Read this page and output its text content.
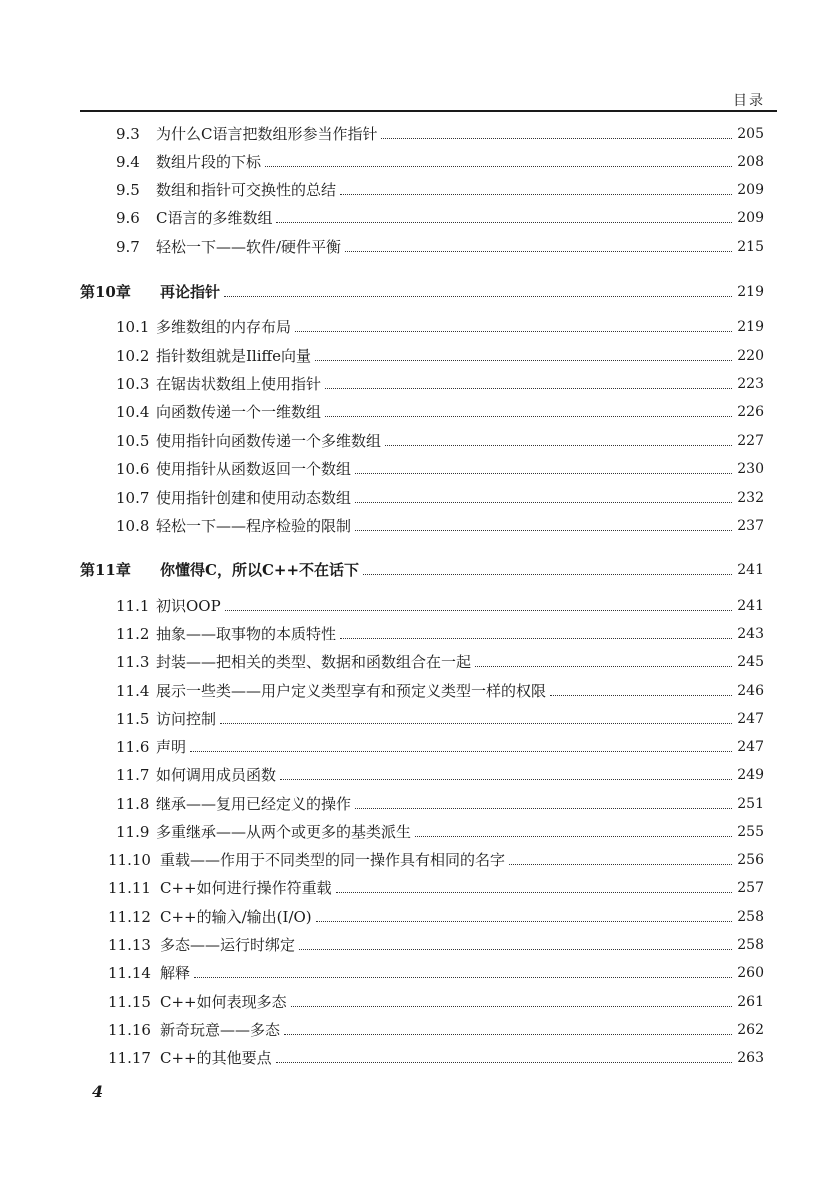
目录
9.3	为什么C语言把数组形参当作指针	205
9.4	数组片段的下标	208
9.5	数组和指针可交换性的总结	209
9.6	C语言的多维数组	209
9.7	轻松一下——软件/硬件平衡	215
第10章	再论指针	219
10.1 多维数组的内存布局	219
10.2 指针数组就是Iliffe向量	220
10.3 在锯齿状数组上使用指针	223
10.4 向函数传递一个一维数组	226
10.5 使用指针向函数传递一个多维数组	227
10.6 使用指针从函数返回一个数组	230
10.7 使用指针创建和使用动态数组	232
10.8 轻松一下——程序检验的限制	237
第11章	你懂得C，所以C++不在话下	241
11.1 初识OOP	241
11.2 抽象——取事物的本质特性	243
11.3 封装——把相关的类型、数据和函数组合在一起	245
11.4 展示一些类——用户定义类型享有和预定义类型一样的权限	246
11.5 访问控制	247
11.6 声明	247
11.7 如何调用成员函数	249
11.8 继承——复用已经定义的操作	251
11.9 多重继承——从两个或更多的基类派生	255
11.10 重载——作用于不同类型的同一操作具有相同的名字	256
11.11 C++如何进行操作符重载	257
11.12 C++的输入/输出(I/O)	258
11.13 多态——运行时绑定	258
11.14 解释	260
11.15 C++如何表现多态	261
11.16 新奇玩意——多态	262
11.17 C++的其他要点	263
4
